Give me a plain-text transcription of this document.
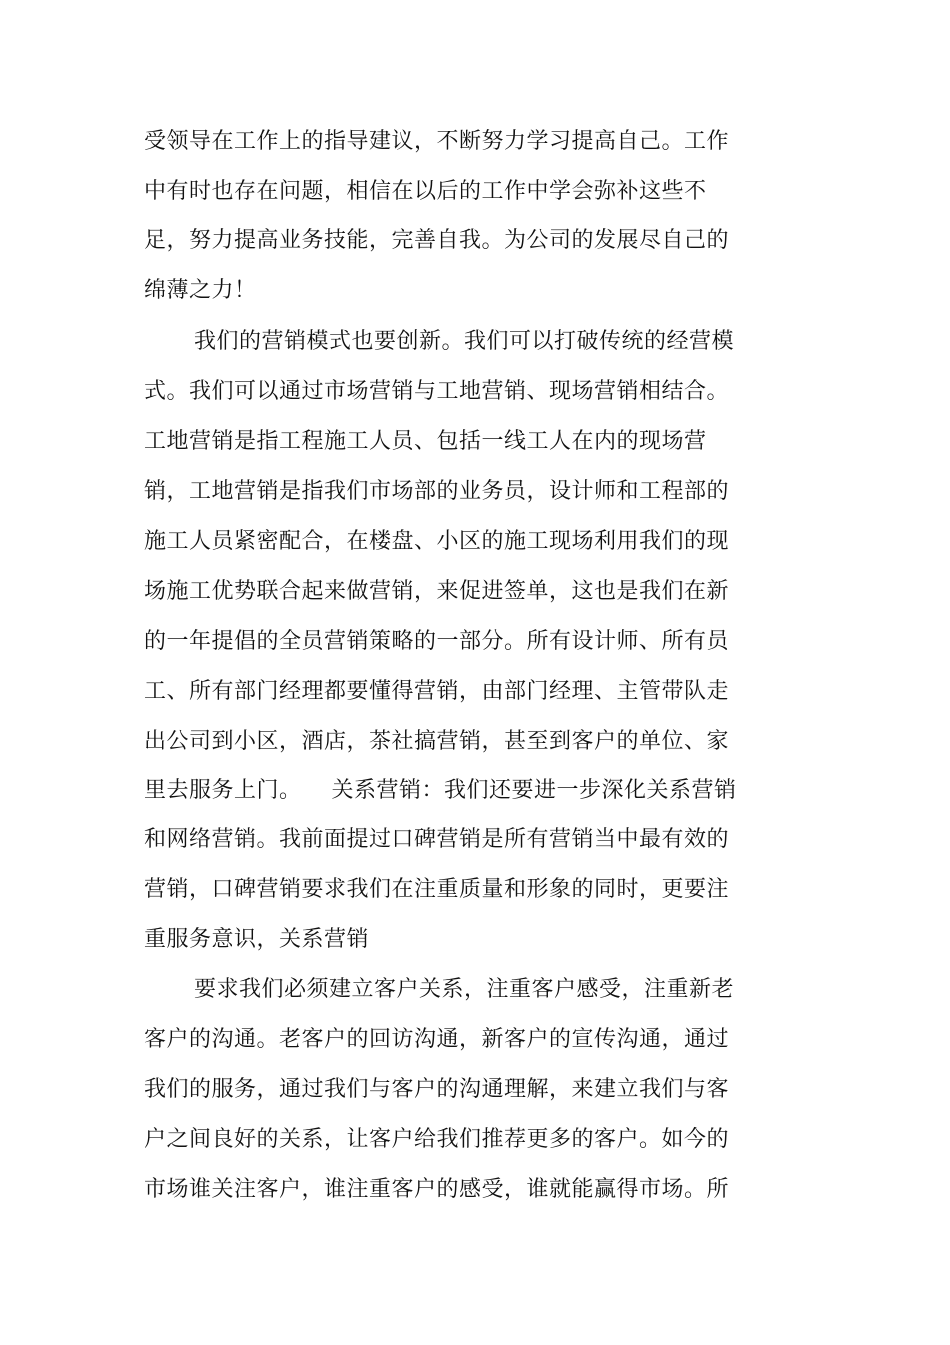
受领导在工作上的指导建议，不断努力学习提高自己。工作
中有时也存在问题，相信在以后的工作中学会弥补这些不
足，努力提高业务技能，完善自我。为公司的发展尽自己的
绵薄之力！
我们的营销模式也要创新。我们可以打破传统的经营模
式。我们可以通过市场营销与工地营销、现场营销相结合。
工地营销是指工程施工人员、包括一线工人在内的现场营
销，工地营销是指我们市场部的业务员，设计师和工程部的
施工人员紧密配合，在楼盘、小区的施工现场利用我们的现
场施工优势联合起来做营销，来促进签单，这也是我们在新
的一年提倡的全员营销策略的一部分。所有设计师、所有员
工、所有部门经理都要懂得营销，由部门经理、主管带队走
出公司到小区，酒店，茶社搞营销，甚至到客户的单位、家
里去服务上门。    关系营销：我们还要进一步深化关系营销
和网络营销。我前面提过口碑营销是所有营销当中最有效的
营销，口碑营销要求我们在注重质量和形象的同时，更要注
重服务意识，关系营销
要求我们必须建立客户关系，注重客户感受，注重新老
客户的沟通。老客户的回访沟通，新客户的宣传沟通，通过
我们的服务，通过我们与客户的沟通理解，来建立我们与客
户之间良好的关系，让客户给我们推荐更多的客户。如今的
市场谁关注客户，谁注重客户的感受，谁就能赢得市场。所
